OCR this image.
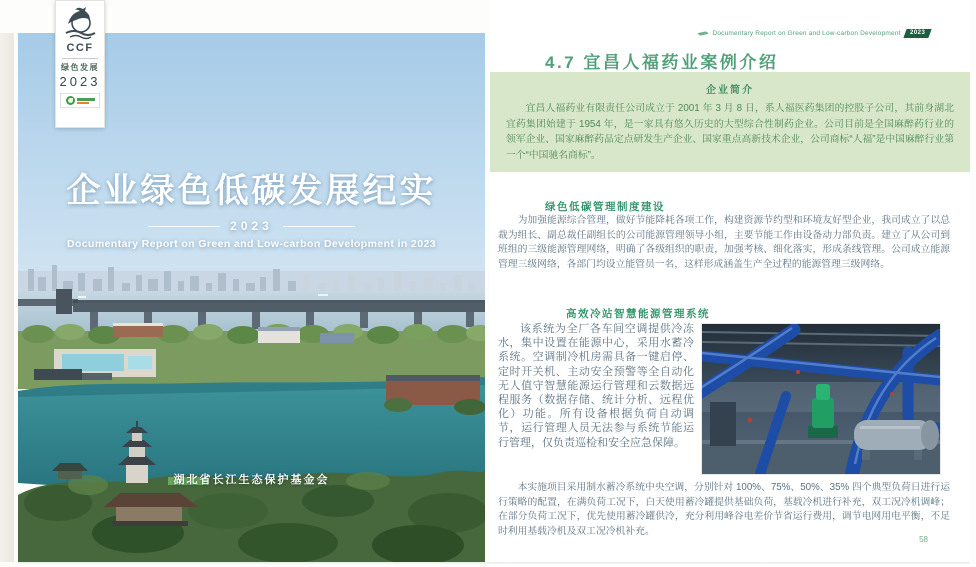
企业绿色低碳发展纪实
2023
Documentary Report on Green and Low-carbon Development in 2023
湖北省长江生态保护基金会
CCF
绿色发展
2023
Documentary Report on Green and Low-carbon Development	2023
4.7 宜昌人福药业案例介绍
企业简介

宜昌人福药业有限责任公司成立于 2001 年 3 月 8 日，系人福医药集团的控股子公司，其前身湖北宜药集团始建于 1954 年，是一家具有悠久历史的大型综合性制药企业。公司目前是全国麻醉药行业的领军企业、国家麻醉药品定点研发生产企业、国家重点高新技术企业，公司商标“人福”是中国麻醉行业第一个“中国驰名商标”。

绿色低碳管理制度建设

为加强能源综合管理，做好节能降耗各项工作，构建资源节约型和环境友好型企业，我司成立了以总裁为组长、副总裁任副组长的公司能源管理领导小组，主要节能工作由设备动力部负责。建立了从公司到班组的三级能源管理网络，明确了各级组织的职责，加强考核、细化落实，形成条线管理。公司成立能源管理三级网络，各部门均设立能管员一名，这样形成涵盖生产全过程的能源管理三级网络。

高效冷站智慧能源管理系统

该系统为全厂各车间空调提供冷冻水，集中设置在能源中心，采用水蓄冷系统。空调制冷机房需具备一键启停、定时开关机、主动安全预警等全自动化无人值守智慧能源运行管理和云数据远程服务（数据存储、统计分析、远程优化）功能。所有设备根据负荷自动调节，运行管理人员无法参与系统节能运行管理，仅负责巡检和安全应急保障。

本实施项目采用制水蓄冷系统中央空调，分别针对 100%、75%、50%、35% 四个典型负荷日进行运行策略的配置，在满负荷工况下，白天使用蓄冷罐提供基础负荷，基载冷机进行补充，双工况冷机调峰；在部分负荷工况下，优先使用蓄冷罐供冷，充分利用峰谷电差价节省运行费用，调节电网用电平衡，不足时利用基载冷机及双工况冷机补充。

58
